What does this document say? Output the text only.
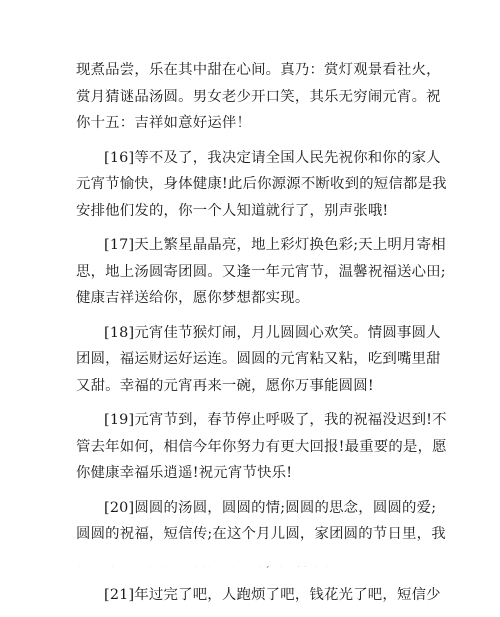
现煮品尝，乐在其中甜在心间。真乃：赏灯观景看社火，
赏月猜谜品汤圆。男女老少开口笑，其乐无穷闹元宵。祝
你十五：吉祥如意好运伴！
[16]等不及了，我决定请全国人民先祝你和你的家人
元宵节愉快，身体健康!此后你源源不断收到的短信都是我
安排他们发的，你一个人知道就行了，别声张哦!
[17]天上繁星晶晶亮，地上彩灯换色彩;天上明月寄相
思，地上汤圆寄团圆。又逢一年元宵节，温馨祝福送心田;
健康吉祥送给你，愿你梦想都实现。
[18]元宵佳节猴灯闹，月儿圆圆心欢笑。情圆事圆人
团圆，福运财运好运连。圆圆的元宵粘又粘，吃到嘴里甜
又甜。幸福的元宵再来一碗，愿你万事能圆圆!
[19]元宵节到，春节停止呼吸了，我的祝福没迟到!不
管去年如何，相信今年你努力有更大回报!最重要的是，愿
你健康幸福乐逍遥!祝元宵节快乐!
[20]圆圆的汤圆，圆圆的情;圆圆的思念，圆圆的爱;
圆圆的祝福，短信传;在这个月儿圆，家团圆的节日里，我
[21]年过完了吧，人跑烦了吧，钱花光了吧，短信少
